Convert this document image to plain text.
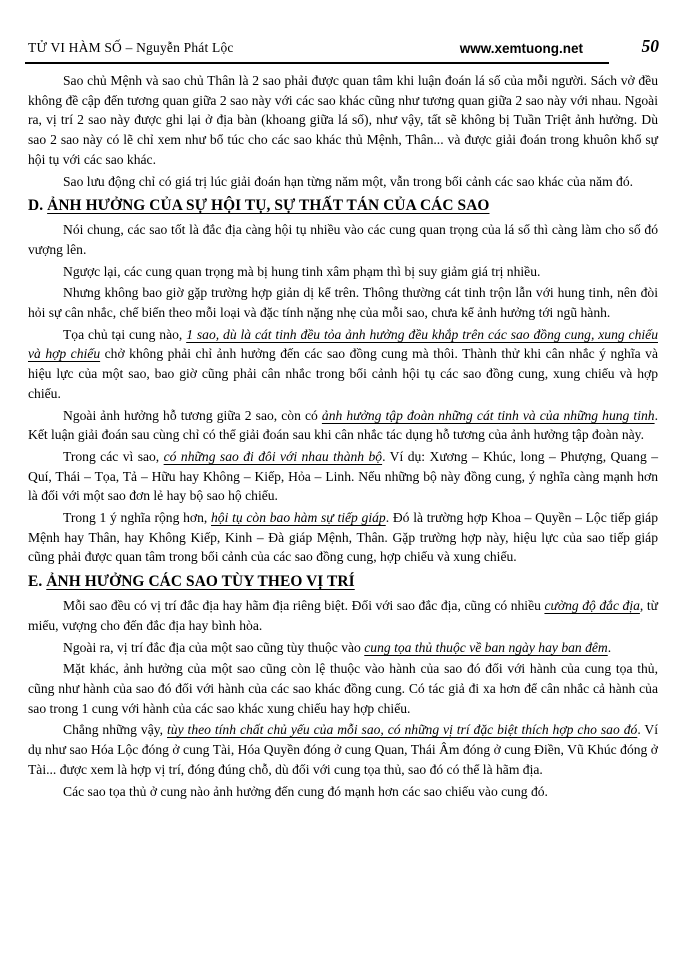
TỬ VI HÀM SỐ – Nguyễn Phát Lộc	www.xemtuong.net	50
Sao chủ Mệnh và sao chủ Thân là 2 sao phải được quan tâm khi luận đoán lá số của mỗi người. Sách vở đều không đề cập đến tương quan giữa 2 sao này với các sao khác cũng như tương quan giữa 2 sao này với nhau. Ngoài ra, vị trí 2 sao này được ghi lại ở địa bàn (khoang giữa lá số), như vậy, tất sẽ không bị Tuần Triệt ảnh hưởng. Dù sao 2 sao này có lẽ chỉ xem như bổ túc cho các sao khác thủ Mệnh, Thân... và được giải đoán trong khuôn khổ sự hội tụ với các sao khác.
Sao lưu động chỉ có giá trị lúc giải đoán hạn từng năm một, vẫn trong bối cảnh các sao khác của năm đó.
D. ẢNH HƯỞNG CỦA SỰ HỘI TỤ, SỰ THẤT TÁN CỦA CÁC SAO
Nói chung, các sao tốt là đắc địa càng hội tụ nhiều vào các cung quan trọng của lá số thì càng làm cho số đó vượng lên.
Ngược lại, các cung quan trọng mà bị hung tinh xâm phạm thì bị suy giảm giá trị nhiều.
Nhưng không bao giờ gặp trường hợp giản dị kể trên. Thông thường cát tinh trộn lẫn với hung tinh, nên đòi hỏi sự cân nhắc, chế biến theo mỗi loại và đặc tính nặng nhẹ của mỗi sao, chưa kể ảnh hưởng tới ngũ hành.
Tọa chủ tại cung nào, 1 sao, dù là cát tinh đều tỏa ảnh hưởng đều khắp trên các sao đồng cung, xung chiếu và hợp chiếu chở không phải chỉ ảnh hưởng đến các sao đồng cung mà thôi. Thành thử khi cân nhắc ý nghĩa và hiệu lực của một sao, bao giờ cũng phải cân nhắc trong bối cảnh hội tụ các sao đồng cung, xung chiếu và hợp chiếu.
Ngoài ảnh hưởng hỗ tương giữa 2 sao, còn có ảnh hưởng tập đoàn những cát tinh và của những hung tinh. Kết luận giải đoán sau cùng chỉ có thể giải đoán sau khi cân nhắc tác dụng hỗ tương của ảnh hưởng tập đoàn này.
Trong các vì sao, có những sao đi đôi với nhau thành bộ. Ví dụ: Xương – Khúc, long – Phượng, Quang – Quí, Thái – Tọa, Tả – Hữu hay Không – Kiếp, Hỏa – Linh. Nếu những bộ này đồng cung, ý nghĩa càng mạnh hơn là đối với một sao đơn lẻ hay bộ sao hộ chiếu.
Trong 1 ý nghĩa rộng hơn, hội tụ còn bao hàm sự tiếp giáp. Đó là trường hợp Khoa – Quyền – Lộc tiếp giáp Mệnh hay Thân, hay Không Kiếp, Kinh – Đà giáp Mệnh, Thân. Gặp trường hợp này, hiệu lực của sao tiếp giáp cũng phải được quan tâm trong bối cảnh của các sao đồng cung, hợp chiếu và xung chiếu.
E. ẢNH HƯỞNG CÁC SAO TÙY THEO VỊ TRÍ
Mỗi sao đều có vị trí đắc địa hay hãm địa riêng biệt. Đối với sao đắc địa, cũng có nhiều cường độ đắc địa, từ miếu, vượng cho đến đắc địa hay bình hòa.
Ngoài ra, vị trí đắc địa của một sao cũng tùy thuộc vào cung tọa thủ thuộc về ban ngày hay ban đêm.
Mặt khác, ảnh hưởng của một sao cũng còn lệ thuộc vào hành của sao đó đối với hành của cung tọa thủ, cũng như hành của sao đó đối với hành của các sao khác đồng cung. Có tác giả đi xa hơn để cân nhắc cả hành của sao trong 1 cung với hành của các sao khác xung chiếu hay hợp chiếu.
Chẳng những vậy, tùy theo tính chất chủ yếu của mỗi sao, có những vị trí đặc biệt thích hợp cho sao đó. Ví dụ như sao Hóa Lộc đóng ở cung Tài, Hóa Quyền đóng ở cung Quan, Thái Âm đóng ở cung Điền, Vũ Khúc đóng ở Tài... được xem là hợp vị trí, đóng đúng chỗ, dù đối với cung tọa thủ, sao đó có thể là hãm địa.
Các sao tọa thủ ở cung nào ảnh hưởng đến cung đó mạnh hơn các sao chiếu vào cung đó.
